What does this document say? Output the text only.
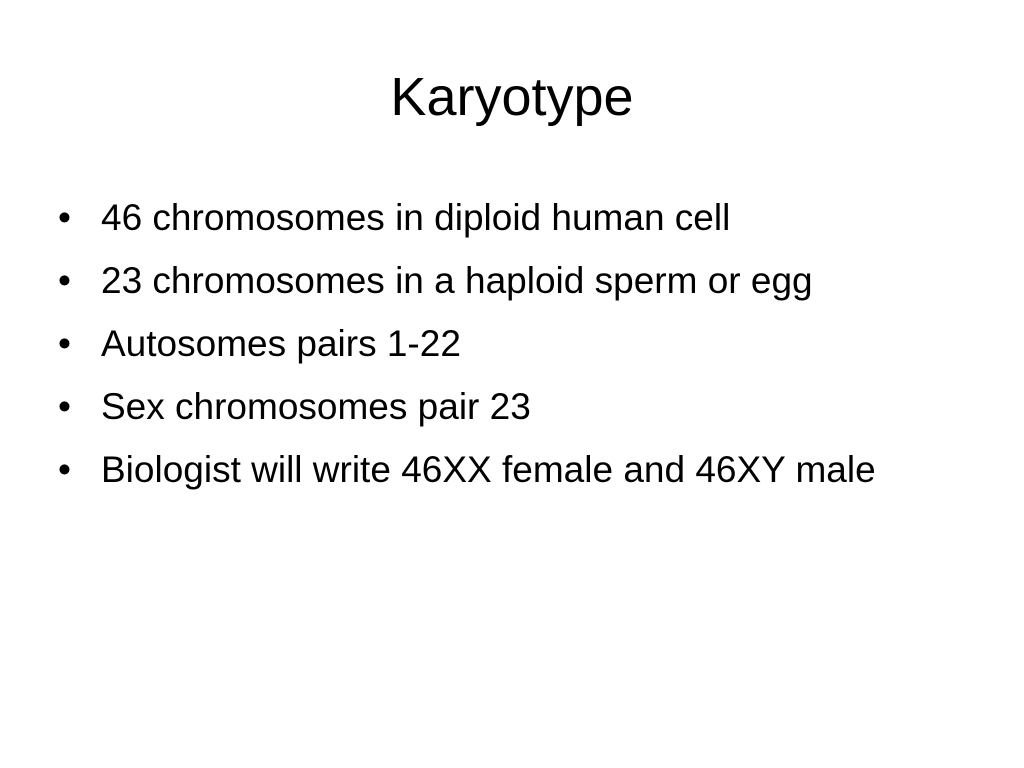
Karyotype
• 46 chromosomes in diploid human cell
• 23 chromosomes in a haploid sperm or egg
• Autosomes pairs 1-22
• Sex chromosomes pair 23
• Biologist will write 46XX female and 46XY male
